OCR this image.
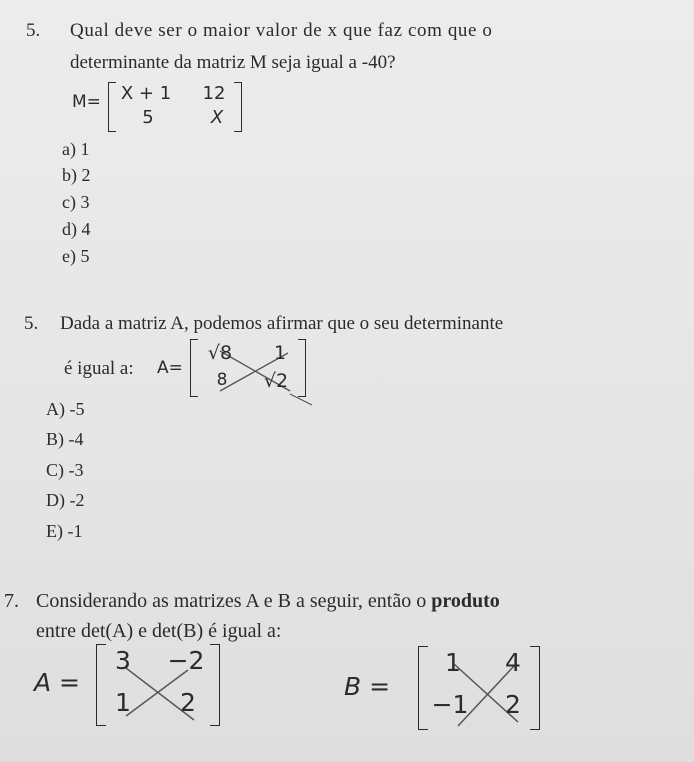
5. Qual deve ser o maior valor de x que faz com que o
determinante da matriz M seja igual a -40?
M= X + 1	12
5	X
a) 1
b) 2
c) 3
d) 4
e) 5
5. Dada a matriz A, podemos afirmar que o seu determinante
é igual a: A=
√8	1
8	√2
A) -5
B) -4
C) -3
D) -2
E) -1
7. Considerando as matrizes A e B a seguir, então o produto
entre det(A) e det(B) é igual a:
A =
3	−2
1	2
B =
1 4
−1 2
